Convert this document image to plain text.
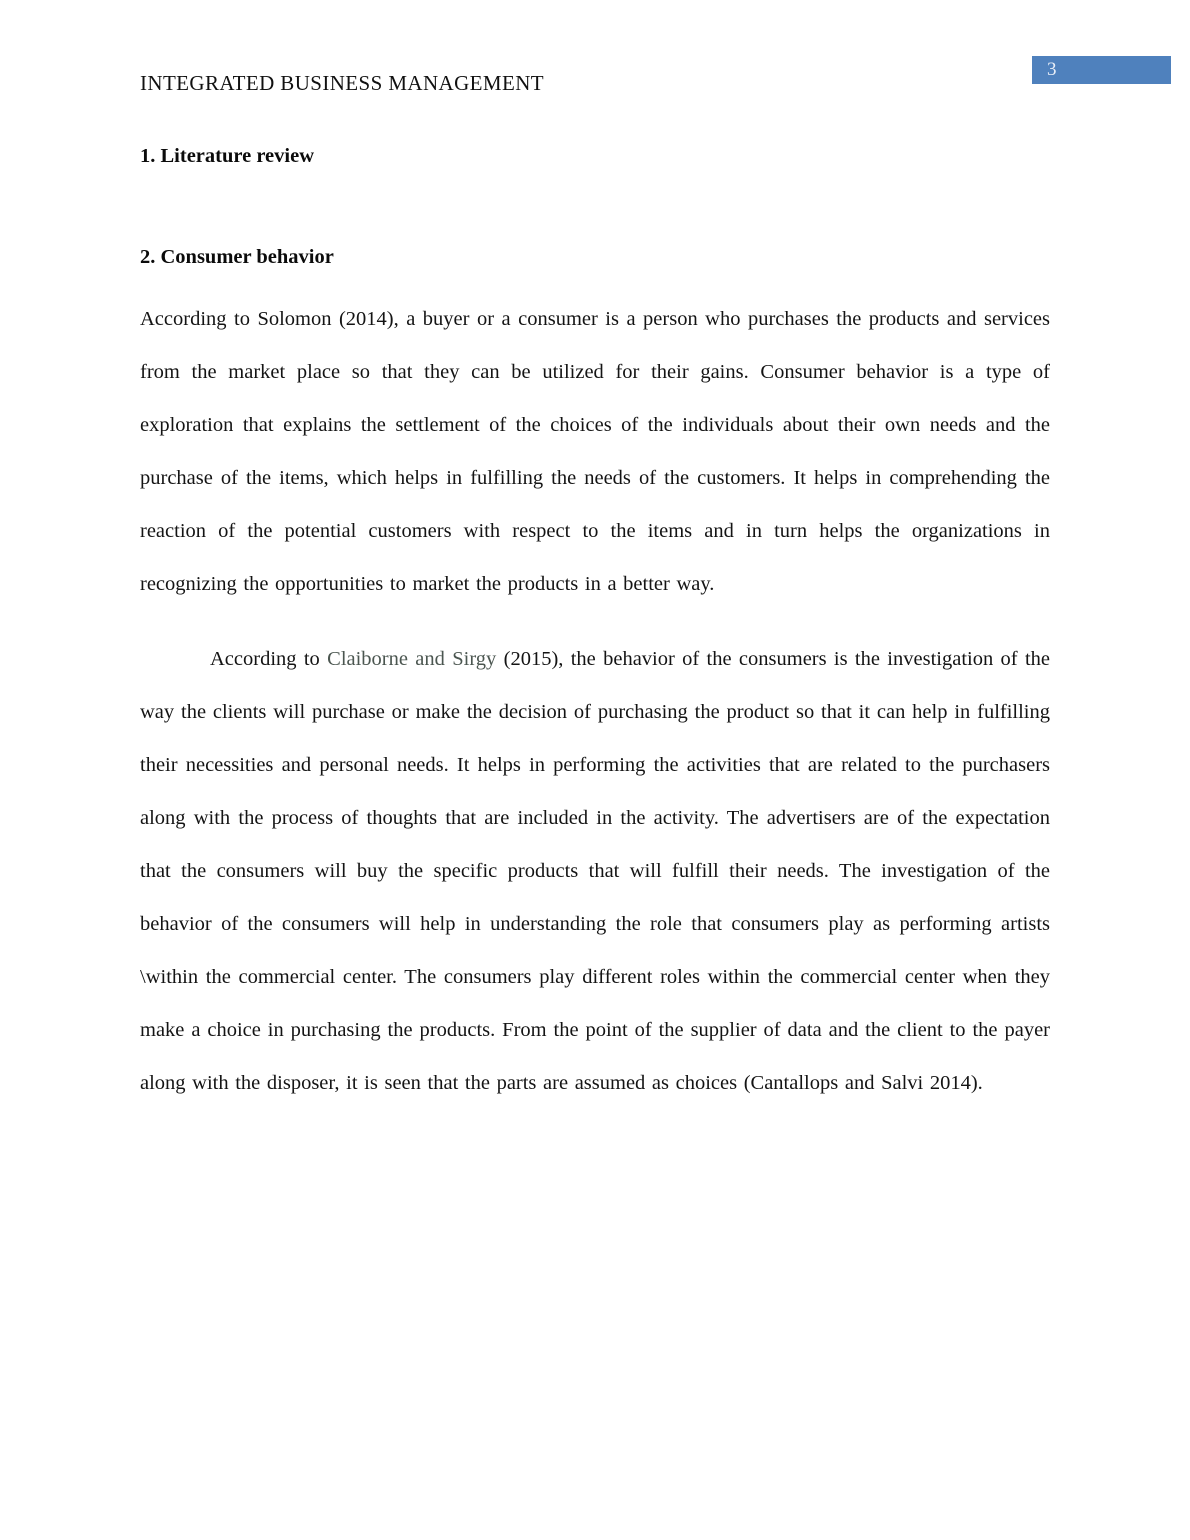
INTEGRATED BUSINESS MANAGEMENT
3
1. Literature review
2. Consumer behavior

According to Solomon (2014), a buyer or a consumer is a person who purchases the products and services from the market place so that they can be utilized for their gains. Consumer behavior is a type of exploration that explains the settlement of the choices of the individuals about their own needs and the purchase of the items, which helps in fulfilling the needs of the customers. It helps in comprehending the reaction of the potential customers with respect to the items and in turn helps the organizations in recognizing the opportunities to market the products in a better way.

According to Claiborne and Sirgy (2015), the behavior of the consumers is the investigation of the way the clients will purchase or make the decision of purchasing the product so that it can help in fulfilling their necessities and personal needs. It helps in performing the activities that are related to the purchasers along with the process of thoughts that are included in the activity. The advertisers are of the expectation that the consumers will buy the specific products that will fulfill their needs. The investigation of the behavior of the consumers will help in understanding the role that consumers play as performing artists \within the commercial center. The consumers play different roles within the commercial center when they make a choice in purchasing the products. From the point of the supplier of data and the client to the payer along with the disposer, it is seen that the parts are assumed as choices (Cantallops and Salvi 2014).
